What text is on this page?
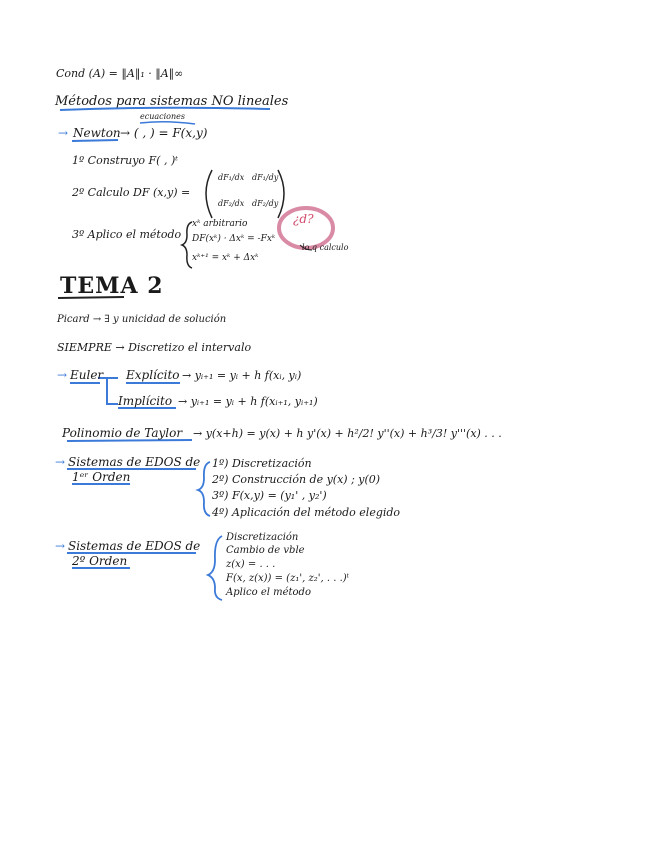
Cond (A) = ‖A‖₁ · ‖A‖∞
Métodos para sistemas NO lineales
ecuaciones
→ Newton → ( , ) = F(x,y)
1º Construyo F( , )ᵗ
2º Calculo DF (x,y) =
dF₁/dx dF₁/dy
dF₂/dx dF₂/dy
3º Aplico el método
xᵏ arbitrario
DF(xᵏ) · Δxᵏ = -Fxᵏ
lo q calculo
¿d?
xᵏ⁺¹ = xᵏ + Δxᵏ
TEMA 2
Picard → ∃ y unicidad de solución
SIEMPRE → Discretizo el intervalo
→ Euler Explícito → yᵢ₊₁ = yᵢ + h f(xᵢ, yᵢ)
Implícito → yᵢ₊₁ = yᵢ + h f(xᵢ₊₁, yᵢ₊₁)
Polinomio de Taylor → y(x+h) = y(x) + h y'(x) + h²/2! y''(x) + h³/3! y'''(x) . . .
→ Sistemas de EDOS de
1ᵉʳ Orden
1º) Discretización
2º) Construcción de y(x) ; y(0)
3º) F(x,y) = (y₁' , y₂')
4º) Aplicación del método elegido
→ Sistemas de EDOS de
2º Orden
Discretización
Cambio de vble
z(x) = . . .
F(x, z(x)) = (z₁', z₂', . . .)ᵗ
Aplico el método
